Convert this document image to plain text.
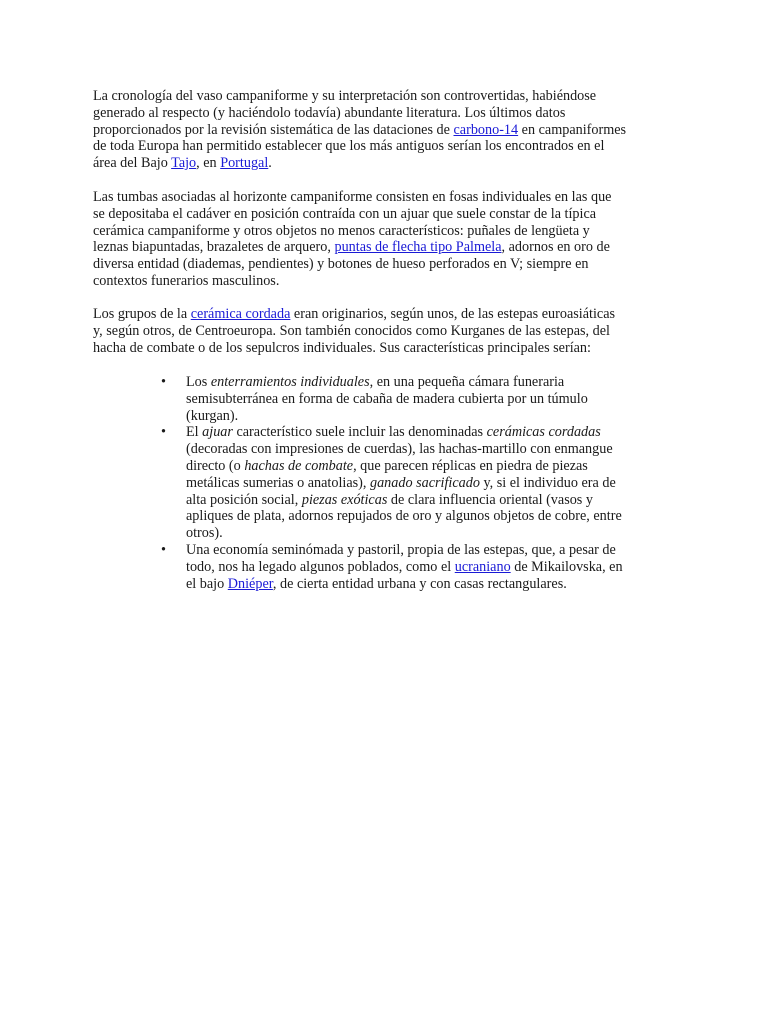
La cronología del vaso campaniforme y su interpretación son controvertidas, habiéndose
generado al respecto (y haciéndolo todavía) abundante literatura. Los últimos datos
proporcionados por la revisión sistemática de las dataciones de carbono-14 en campaniformes
de toda Europa han permitido establecer que los más antiguos serían los encontrados en el
área del Bajo Tajo, en Portugal.
Las tumbas asociadas al horizonte campaniforme consisten en fosas individuales en las que
se depositaba el cadáver en posición contraída con un ajuar que suele constar de la típica
cerámica campaniforme y otros objetos no menos característicos: puñales de lengüeta y
leznas biapuntadas, brazaletes de arquero, puntas de flecha tipo Palmela, adornos en oro de
diversa entidad (diademas, pendientes) y botones de hueso perforados en V; siempre en
contextos funerarios masculinos.
Los grupos de la cerámica cordada eran originarios, según unos, de las estepas euroasiáticas
y, según otros, de Centroeuropa. Son también conocidos como Kurganes de las estepas, del
hacha de combate o de los sepulcros individuales. Sus características principales serían:
• Los enterramientos individuales, en una pequeña cámara funeraria
semisubterránea en forma de cabaña de madera cubierta por un túmulo
(kurgan).
• El ajuar característico suele incluir las denominadas cerámicas cordadas
(decoradas con impresiones de cuerdas), las hachas-martillo con enmangue
directo (o hachas de combate, que parecen réplicas en piedra de piezas
metálicas sumerias o anatolias), ganado sacrificado y, si el individuo era de
alta posición social, piezas exóticas de clara influencia oriental (vasos y
apliques de plata, adornos repujados de oro y algunos objetos de cobre, entre
otros).
• Una economía seminómada y pastoril, propia de las estepas, que, a pesar de
todo, nos ha legado algunos poblados, como el ucraniano de Mikailovska, en
el bajo Dniéper, de cierta entidad urbana y con casas rectangulares.
